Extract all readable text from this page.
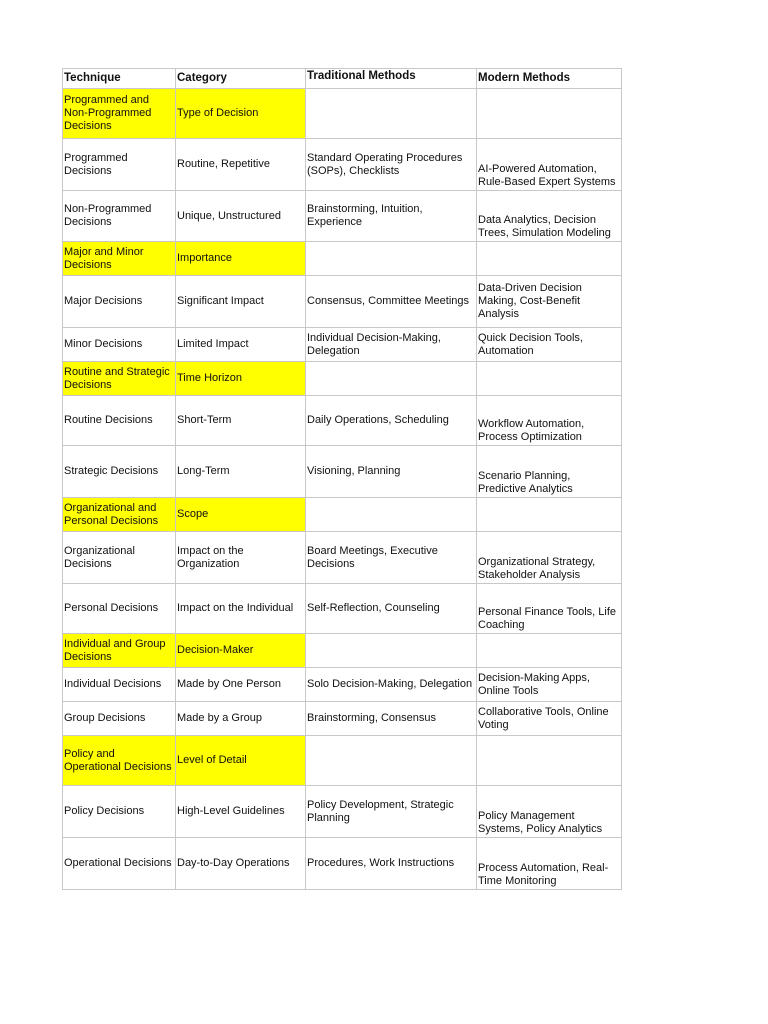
Technique	Category	Traditional Methods	Modern Methods
Programmed and Non-Programmed Decisions	Type of Decision		
Programmed Decisions	Routine, Repetitive	Standard Operating Procedures (SOPs), Checklists	AI-Powered Automation, Rule-Based Expert Systems
Non-Programmed Decisions	Unique, Unstructured	Brainstorming, Intuition, Experience	Data Analytics, Decision Trees, Simulation Modeling
Major and Minor Decisions	Importance		
Major Decisions	Significant Impact	Consensus, Committee Meetings	Data-Driven Decision Making, Cost-Benefit Analysis
Minor Decisions	Limited Impact	Individual Decision-Making, Delegation	Quick Decision Tools, Automation
Routine and Strategic Decisions	Time Horizon		
Routine Decisions	Short-Term	Daily Operations, Scheduling	Workflow Automation, Process Optimization
Strategic Decisions	Long-Term	Visioning, Planning	Scenario Planning, Predictive Analytics
Organizational and Personal Decisions	Scope		
Organizational Decisions	Impact on the Organization	Board Meetings, Executive Decisions	Organizational Strategy, Stakeholder Analysis
Personal Decisions	Impact on the Individual	Self-Reflection, Counseling	Personal Finance Tools, Life Coaching
Individual and Group Decisions	Decision-Maker		
Individual Decisions	Made by One Person	Solo Decision-Making, Delegation	Decision-Making Apps, Online Tools
Group Decisions	Made by a Group	Brainstorming, Consensus	Collaborative Tools, Online Voting
Policy and Operational Decisions	Level of Detail		
Policy Decisions	High-Level Guidelines	Policy Development, Strategic Planning	Policy Management Systems, Policy Analytics
Operational Decisions	Day-to-Day Operations	Procedures, Work Instructions	Process Automation, Real-Time Monitoring
